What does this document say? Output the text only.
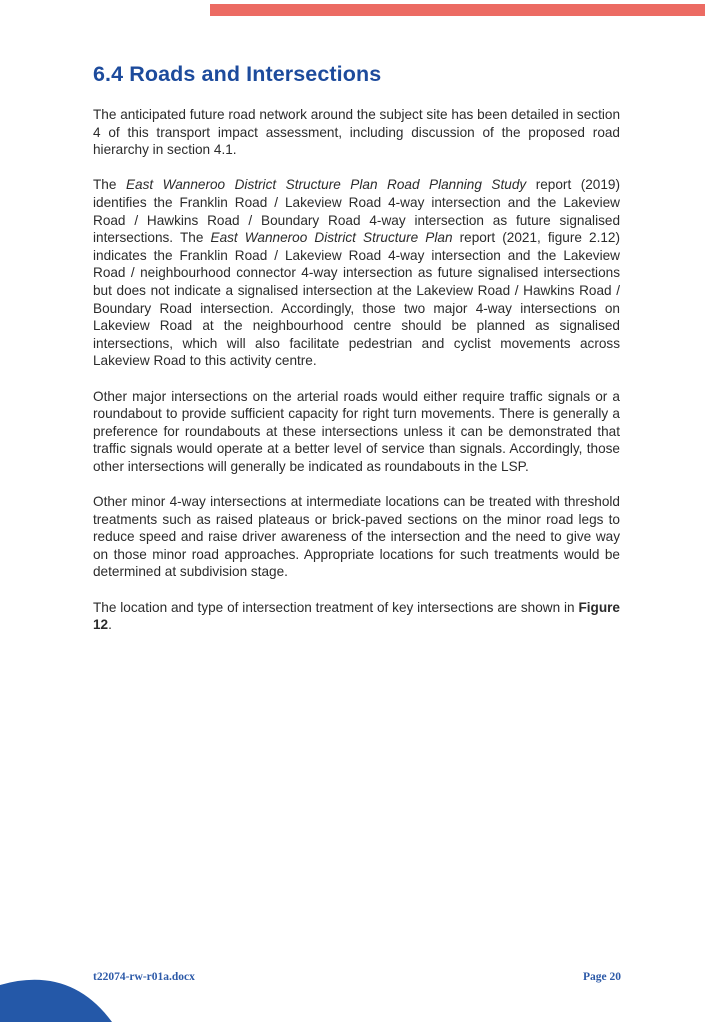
6.4 Roads and Intersections

The anticipated future road network around the subject site has been detailed in section 4 of this transport impact assessment, including discussion of the proposed road hierarchy in section 4.1.

The East Wanneroo District Structure Plan Road Planning Study report (2019) identifies the Franklin Road / Lakeview Road 4-way intersection and the Lakeview Road / Hawkins Road / Boundary Road 4-way intersection as future signalised intersections. The East Wanneroo District Structure Plan report (2021, figure 2.12) indicates the Franklin Road / Lakeview Road 4-way intersection and the Lakeview Road / neighbourhood connector 4-way intersection as future signalised intersections but does not indicate a signalised intersection at the Lakeview Road / Hawkins Road / Boundary Road intersection. Accordingly, those two major 4-way intersections on Lakeview Road at the neighbourhood centre should be planned as signalised intersections, which will also facilitate pedestrian and cyclist movements across Lakeview Road to this activity centre.

Other major intersections on the arterial roads would either require traffic signals or a roundabout to provide sufficient capacity for right turn movements. There is generally a preference for roundabouts at these intersections unless it can be demonstrated that traffic signals would operate at a better level of service than signals. Accordingly, those other intersections will generally be indicated as roundabouts in the LSP.

Other minor 4-way intersections at intermediate locations can be treated with threshold treatments such as raised plateaus or brick-paved sections on the minor road legs to reduce speed and raise driver awareness of the intersection and the need to give way on those minor road approaches. Appropriate locations for such treatments would be determined at subdivision stage.

The location and type of intersection treatment of key intersections are shown in Figure 12.

t22074-rw-r01a.docx	Page 20
